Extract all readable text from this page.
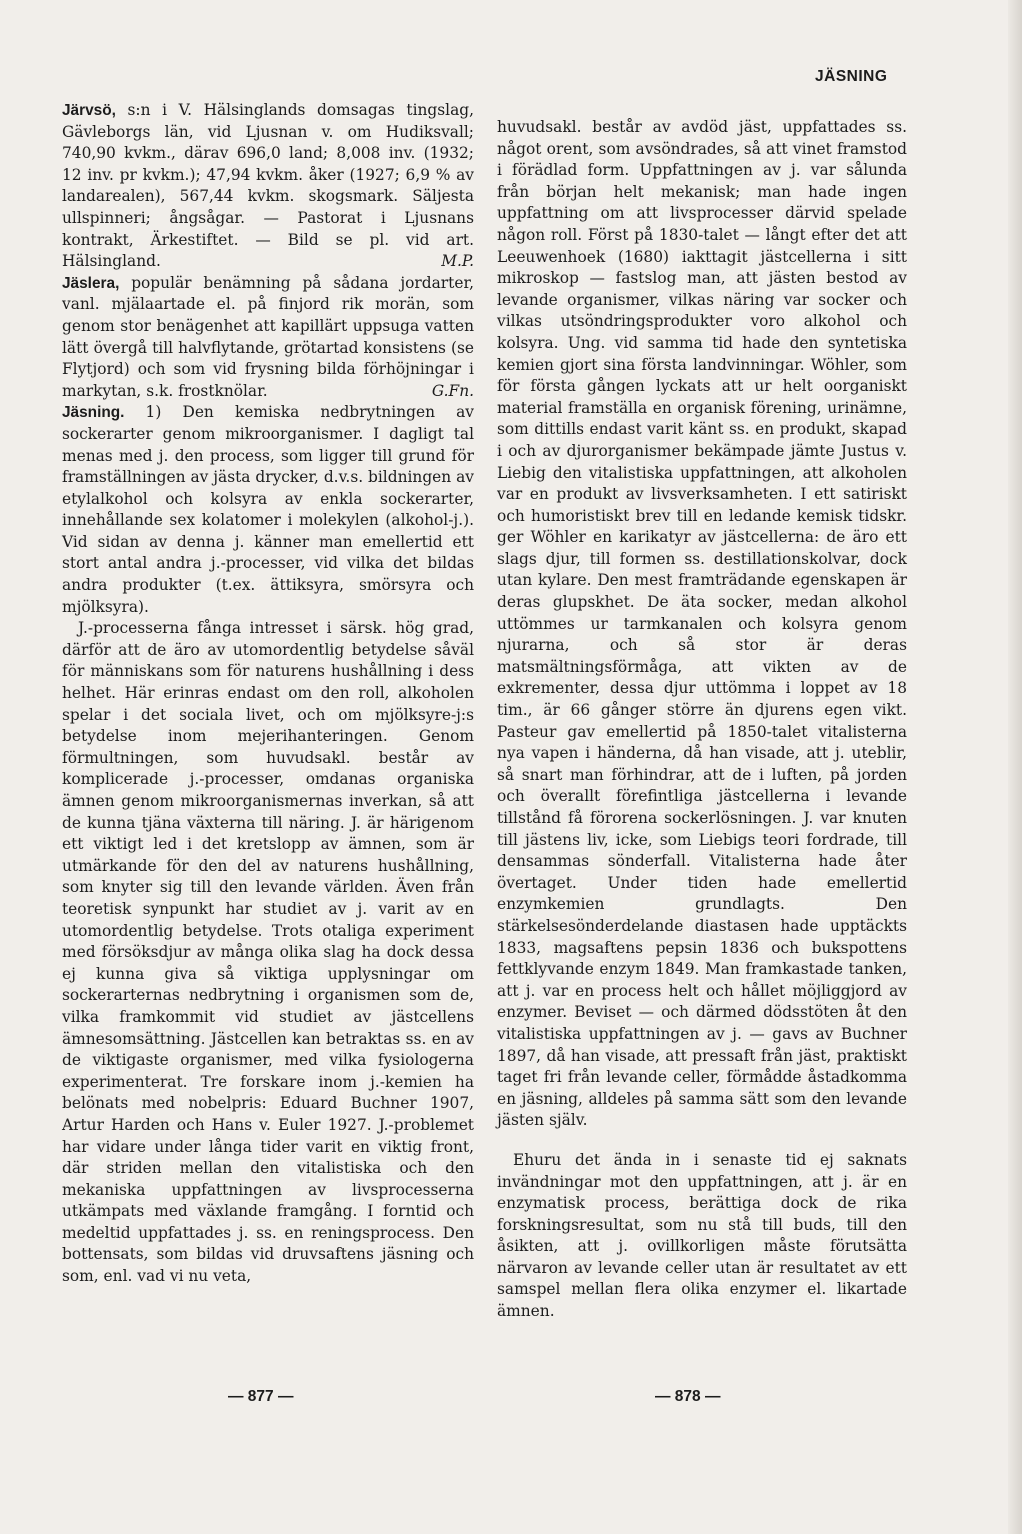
JÄSNING

Järvsö, s:n i V. Hälsinglands domsagas tingslag, Gävleborgs län, vid Ljusnan v. om Hudiksvall; 740,90 kvkm., därav 696,0 land; 8,008 inv. (1932; 12 inv. pr kvkm.); 47,94 kvkm. åker (1927; 6,9 % av landarealen), 567,44 kvkm. skogsmark. Säljesta ullspinneri; ångsågar. — Pastorat i Ljusnans kontrakt, Ärkestiftet. — Bild se pl. vid art. Hälsingland.	M.P.

Jäslera, populär benämning på sådana jordarter, vanl. mjälaartade el. på finjord rik morän, som genom stor benägenhet att kapillärt uppsuga vatten lätt övergå till halvflytande, grötartad konsistens (se Flytjord) och som vid frysning bilda förhöjningar i markytan, s.k. frostknölar.	G.Fn.

Jäsning. 1) Den kemiska nedbrytningen av sockerarter genom mikroorganismer. I dagligt tal menas med j. den process, som ligger till grund för framställningen av jästa drycker, d.v.s. bildningen av etylalkohol och kolsyra av enkla sockerarter, innehållande sex kolatomer i molekylen (alkohol-j.). Vid sidan av denna j. känner man emellertid ett stort antal andra j.-processer, vid vilka det bildas andra produkter (t.ex. ättiksyra, smörsyra och mjölksyra).

J.-processerna fånga intresset i särsk. hög grad, därför att de äro av utomordentlig betydelse såväl för människans som för naturens hushållning i dess helhet. Här erinras endast om den roll, alkoholen spelar i det sociala livet, och om mjölksyre-j:s betydelse inom mejerihanteringen. Genom förmultningen, som huvudsakl. består av komplicerade j.-processer, omdanas organiska ämnen genom mikroorganismernas inverkan, så att de kunna tjäna växterna till näring. J. är härigenom ett viktigt led i det kretslopp av ämnen, som är utmärkande för den del av naturens hushållning, som knyter sig till den levande världen. Även från teoretisk synpunkt har studiet av j. varit av en utomordentlig betydelse. Trots otaliga experiment med försöksdjur av många olika slag ha dock dessa ej kunna giva så viktiga upplysningar om sockerarternas nedbrytning i organismen som de, vilka framkommit vid studiet av jästcellens ämnesomsättning. Jästcellen kan betraktas ss. en av de viktigaste organismer, med vilka fysiologerna experimenterat. Tre forskare inom j.-kemien ha belönats med nobelpris: Eduard Buchner 1907, Artur Harden och Hans v. Euler 1927. J.-problemet har vidare under långa tider varit en viktig front, där striden mellan den vitalistiska och den mekaniska uppfattningen av livsprocesserna utkämpats med växlande framgång. I forntid och medeltid uppfattades j. ss. en reningsprocess. Den bottensats, som bildas vid druvsaftens jäsning och som, enl. vad vi nu veta,

huvudsakl. består av avdöd jäst, uppfattades ss. något orent, som avsöndrades, så att vinet framstod i förädlad form. Uppfattningen av j. var sålunda från början helt mekanisk; man hade ingen uppfattning om att livsprocesser därvid spelade någon roll. Först på 1830-talet — långt efter det att Leeuwenhoek (1680) iakttagit jästcellerna i sitt mikroskop — fastslog man, att jästen bestod av levande organismer, vilkas näring var socker och vilkas utsöndringsprodukter voro alkohol och kolsyra. Ung. vid samma tid hade den syntetiska kemien gjort sina första landvinningar. Wöhler, som för första gången lyckats att ur helt oorganiskt material framställa en organisk förening, urinämne, som dittills endast varit känt ss. en produkt, skapad i och av djurorganismer bekämpade jämte Justus v. Liebig den vitalistiska uppfattningen, att alkoholen var en produkt av livsverksamheten. I ett satiriskt och humoristiskt brev till en ledande kemisk tidskr. ger Wöhler en karikatyr av jästcellerna: de äro ett slags djur, till formen ss. destillationskolvar, dock utan kylare. Den mest framträdande egenskapen är deras glupskhet. De äta socker, medan alkohol uttömmes ur tarmkanalen och kolsyra genom njurarna, och så stor är deras matsmältningsförmåga, att vikten av de exkrementer, dessa djur uttömma i loppet av 18 tim., är 66 gånger större än djurens egen vikt. Pasteur gav emellertid på 1850-talet vitalisterna nya vapen i händerna, då han visade, att j. uteblir, så snart man förhindrar, att de i luften, på jorden och överallt förefintliga jästcellerna i levande tillstånd få förorena sockerlösningen. J. var knuten till jästens liv, icke, som Liebigs teori fordrade, till densammas sönderfall. Vitalisterna hade åter övertaget. Under tiden hade emellertid enzymkemien grundlagts. Den stärkelsesönderdelande diastasen hade upptäckts 1833, magsaftens pepsin 1836 och bukspottens fettklyvande enzym 1849. Man framkastade tanken, att j. var en process helt och hållet möjliggjord av enzymer. Beviset — och därmed dödsstöten åt den vitalistiska uppfattningen av j. — gavs av Buchner 1897, då han visade, att pressaft från jäst, praktiskt taget fri från levande celler, förmådde åstadkomma en jäsning, alldeles på samma sätt som den levande jästen själv.

Ehuru det ända in i senaste tid ej saknats invändningar mot den uppfattningen, att j. är en enzymatisk process, berättiga dock de rika forskningsresultat, som nu stå till buds, till den åsikten, att j. ovillkorligen måste förutsätta närvaron av levande celler utan är resultatet av ett samspel mellan flera olika enzymer el. likartade ämnen.

— 877 —	— 878 —
